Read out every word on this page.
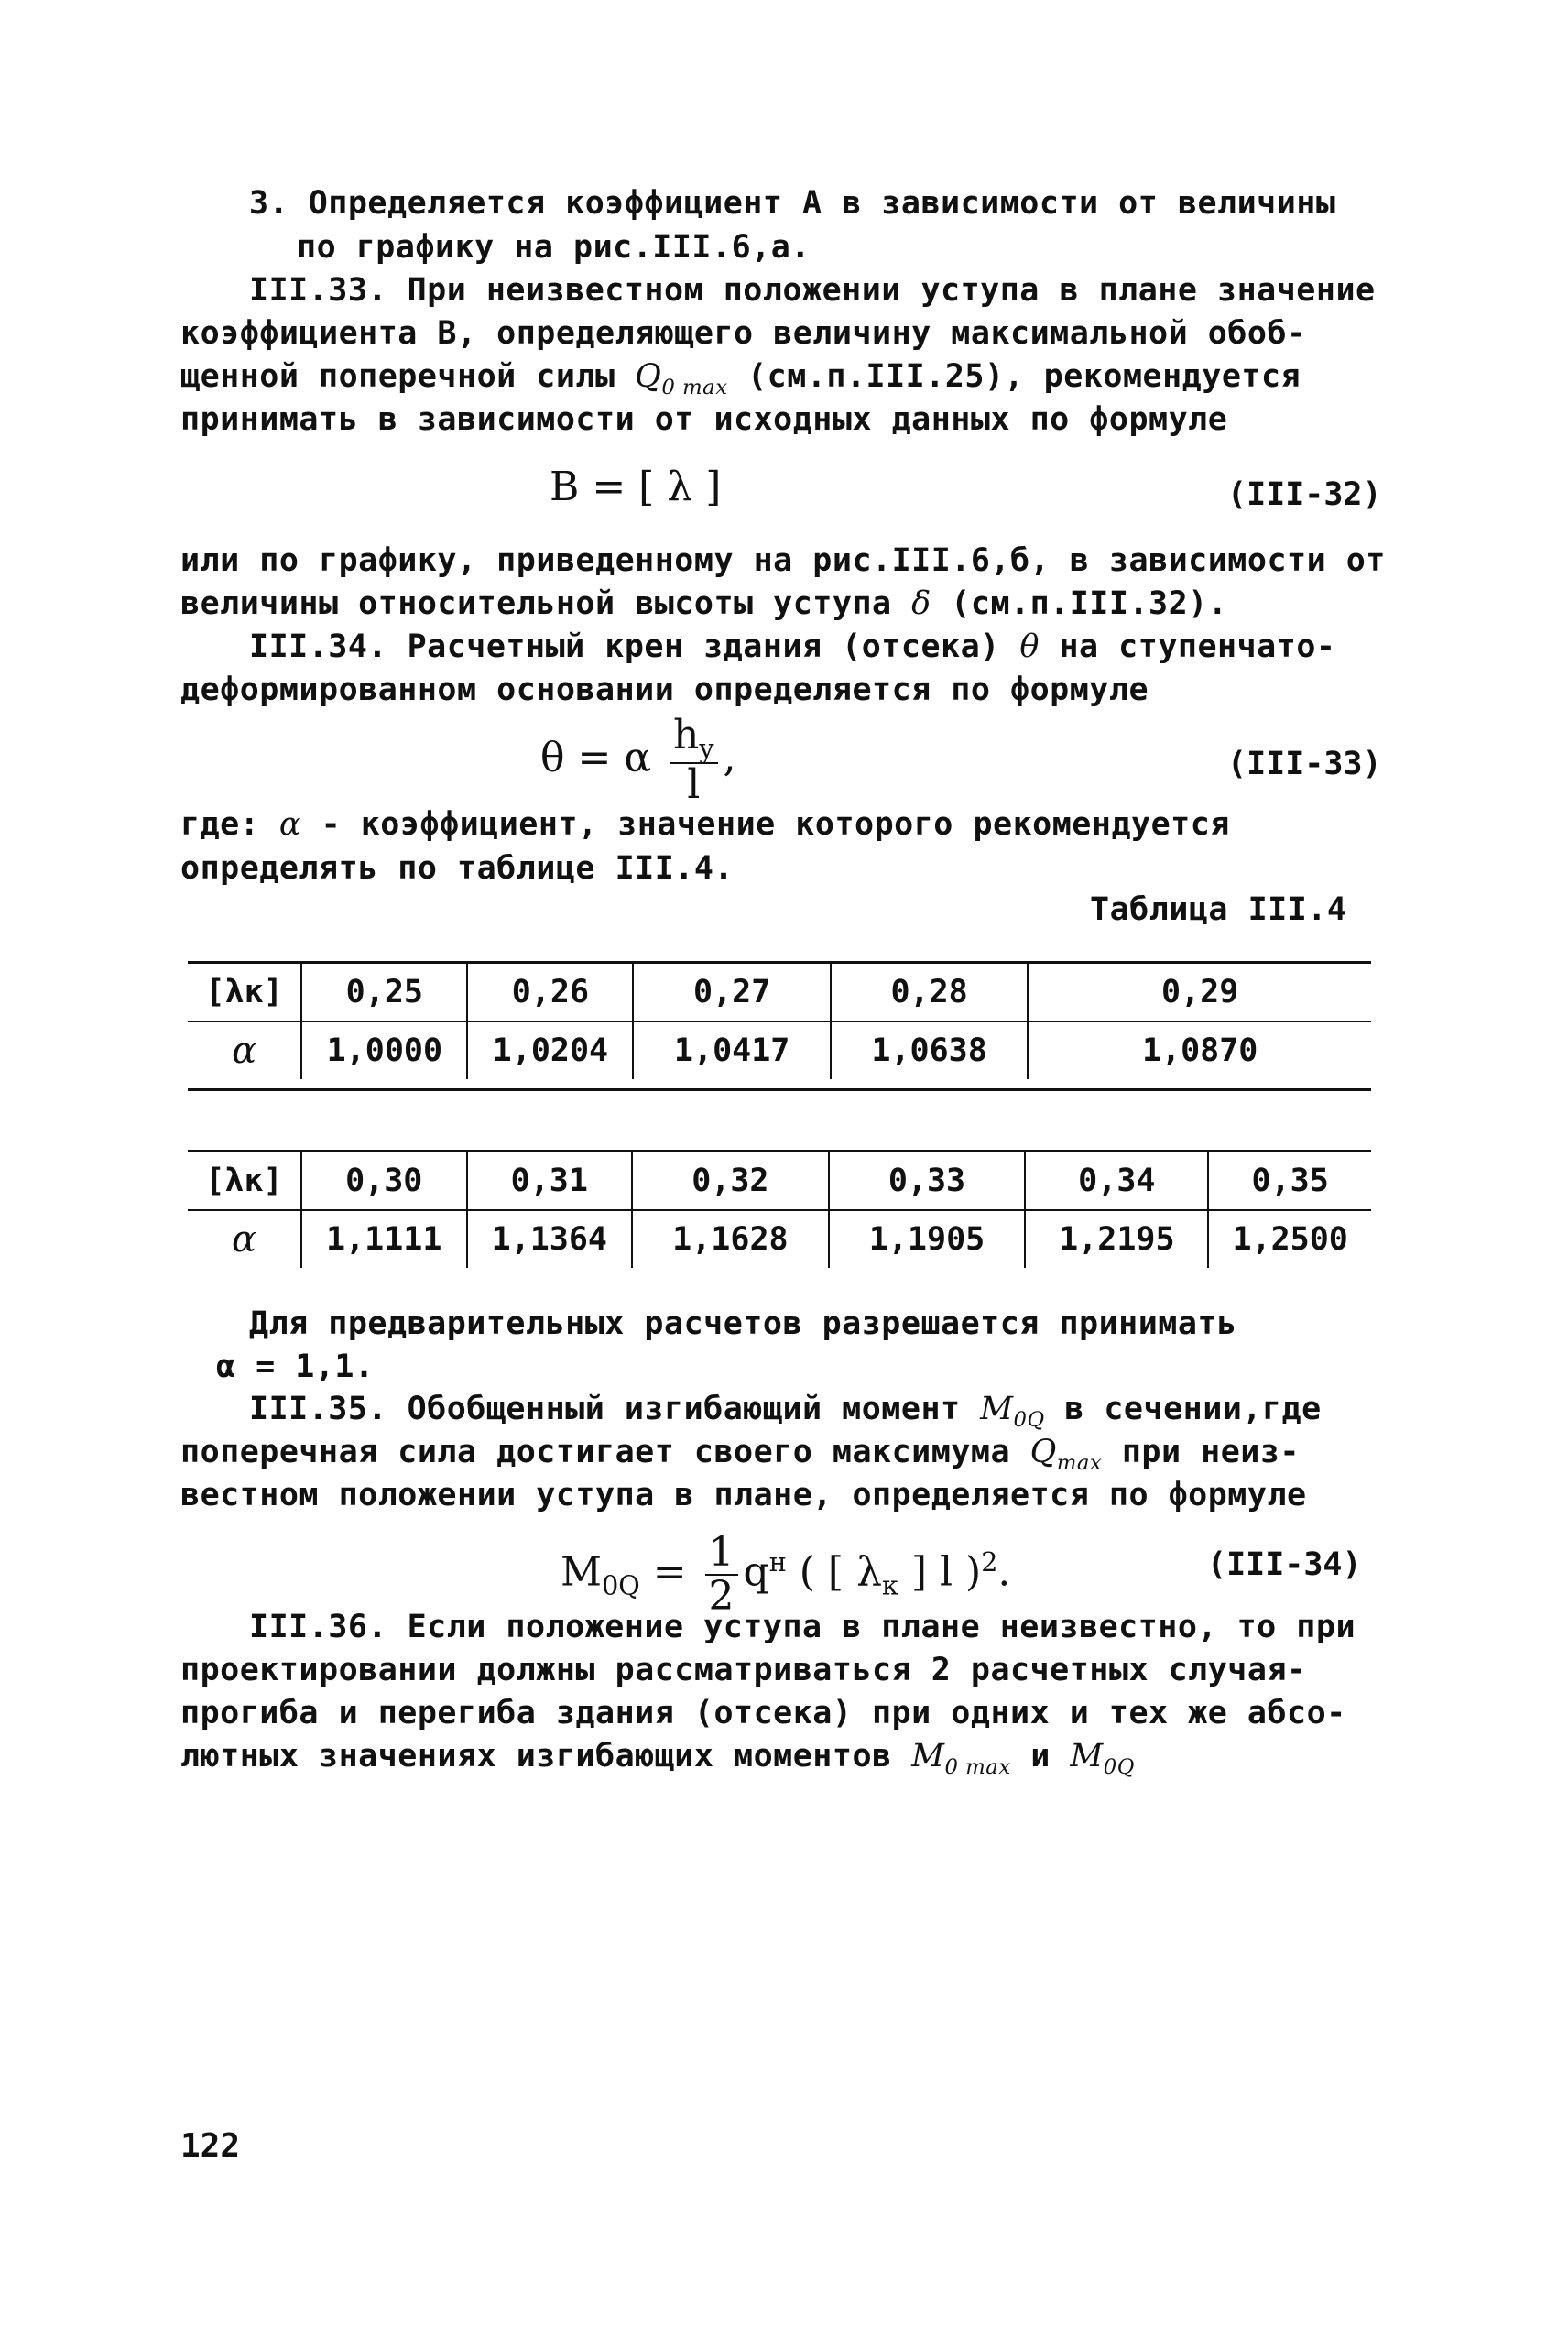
3. Определяется коэффициент А в зависимости от величины
по графику на рис.III.6,а.
III.33. При неизвестном положении уступа в плане значение
коэффициента В, определяющего величину максимальной обоб-
щенной поперечной силы $Q_{0 max}$ (см.п.III.25), рекомендуется
принимать в зависимости от исходных данных по формуле
B = [ λ ]	(III-32)
или по графику, приведенному на рис.III.6,б, в зависимости от
величины относительной высоты уступа δ (см.п.III.32).
III.34. Расчетный крен здания (отсека) θ на ступенчато-
деформированном основании определяется по формуле
θ = α $\frac{h_y}{l}$ ,	(III-33)
где: α - коэффициент, значение которого рекомендуется
определять по таблице III.4.
Таблица III.4
[λк]	0,25	0,26	0,27	0,28	0,29
α	1,0000	1,0204	1,0417	1,0638	1,0870
[λк]	0,30	0,31	0,32	0,33	0,34	0,35
α	1,1111	1,1364	1,1628	1,1905	1,2195	1,2500
Для предварительных расчетов разрешается принимать
α = 1,1.
III.35. Обобщенный изгибающий момент $M_{0Q}$ в сечении,где
поперечная сила достигает своего максимума $Q_{max}$ при неиз-
вестном положении уступа в плане, определяется по формуле
$M_{0Q} = \frac{1}{2} q^н$ ( [ $\lambda_к$ ] l )$^2$.	(III-34)
III.36. Если положение уступа в плане неизвестно, то при
проектировании должны рассматриваться 2 расчетных случая-
прогиба и перегиба здания (отсека) при одних и тех же абсо-
лютных значениях изгибающих моментов $M_{0 max}$ и $M_{0Q}$
122
